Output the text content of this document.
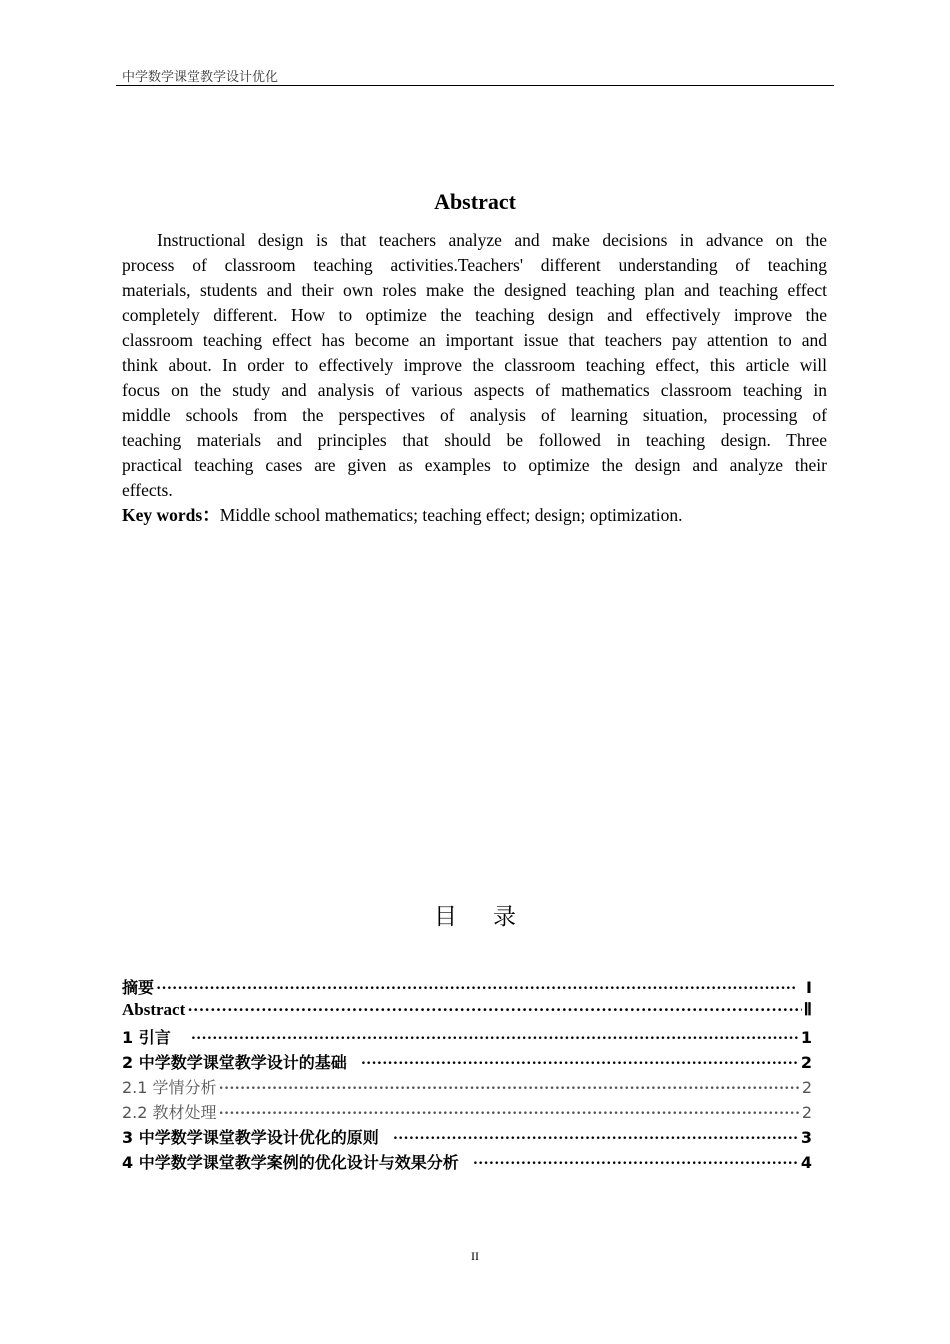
中学数学课堂教学设计优化
Abstract
Instructional design is that teachers analyze and make decisions in advance on the
process of classroom teaching activities.Teachers' different understanding of teaching
materials, students and their own roles make the designed teaching plan and teaching effect
completely different. How to optimize the teaching design and effectively improve the
classroom teaching effect has become an important issue that teachers pay attention to and
think about. In order to effectively improve the classroom teaching effect, this article will
focus on the study and analysis of various aspects of mathematics classroom teaching in
middle schools from the perspectives of analysis of learning situation, processing of
teaching materials and principles that should be followed in teaching design. Three
practical teaching cases are given as examples to optimize the design and analyze their
effects.
Key words：Middle school mathematics; teaching effect; design; optimization.
目录
摘要 ·····	Ⅰ
Abstract ·····	Ⅱ
1 引言 ·····	1
2 中学数学课堂教学设计的基础 ·····	2
2.1 学情分析 ·····	2
2.2 教材处理 ·····	2
3 中学数学课堂教学设计优化的原则 ·····	3
4 中学数学课堂教学案例的优化设计与效果分析 ·····	4
II
